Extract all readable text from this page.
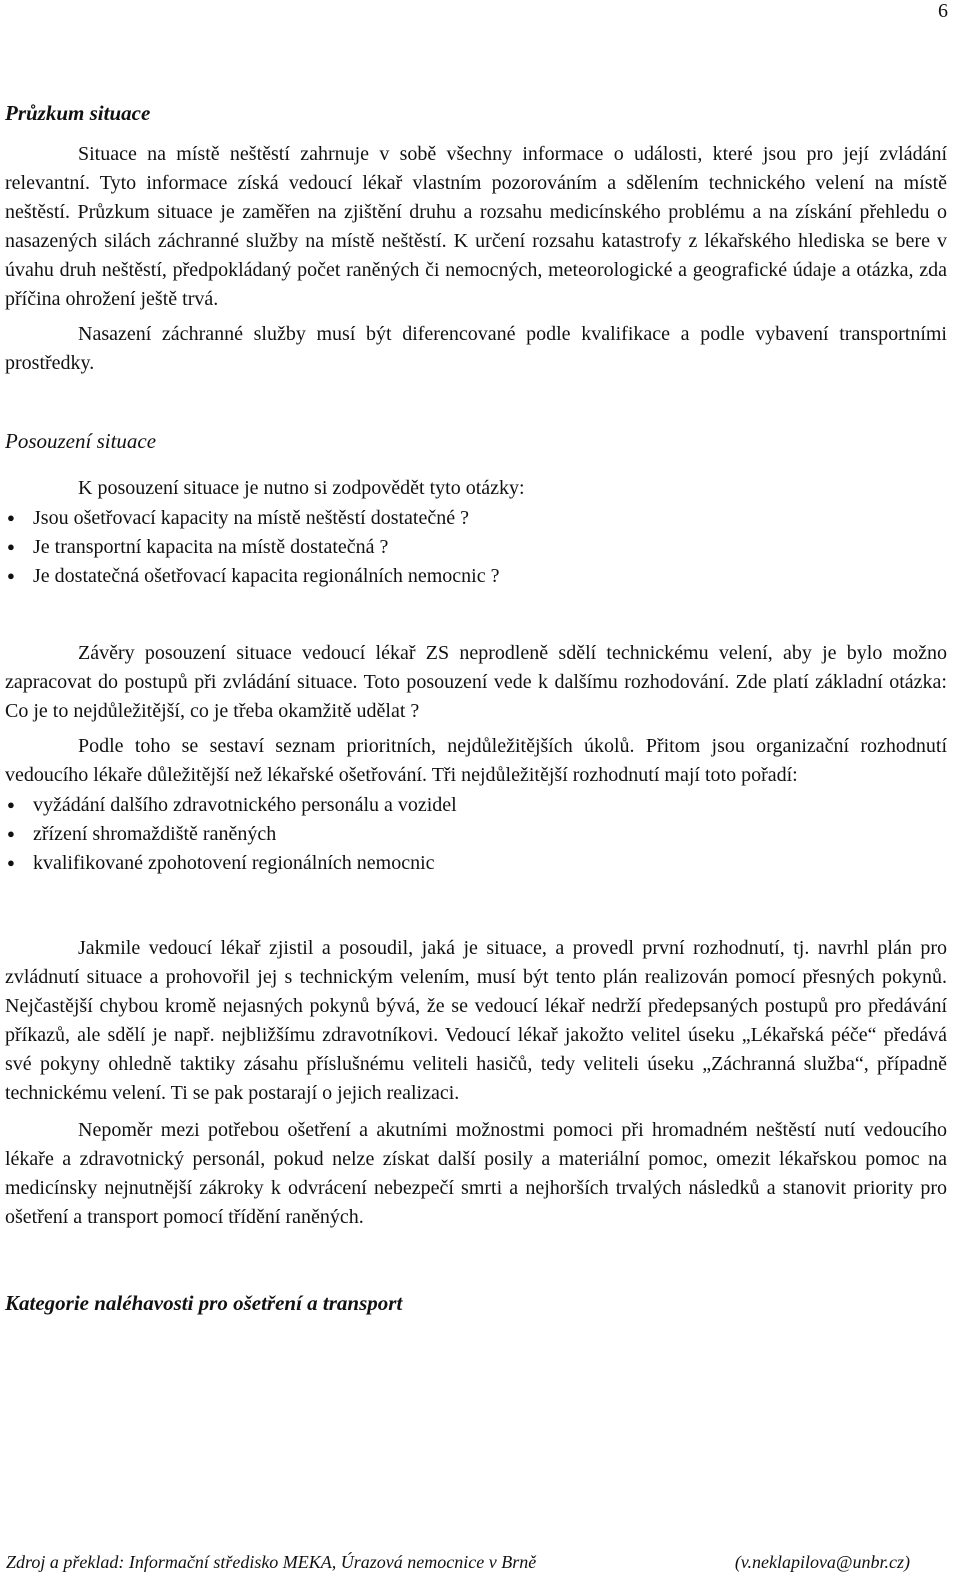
6
Průzkum situace

Situace na místě neštěstí zahrnuje v sobě všechny informace o události, které jsou pro její zvládání relevantní. Tyto informace získá vedoucí lékař vlastním pozorováním a sdělením technického velení na místě neštěstí. Průzkum situace je zaměřen na zjištění druhu a rozsahu medicínského problému a na získání přehledu o nasazených silách záchranné služby na místě neštěstí. K určení rozsahu katastrofy z lékařského hlediska se bere v úvahu druh neštěstí, předpokládaný počet raněných či nemocných, meteorologické a geografické údaje a otázka, zda příčina ohrožení ještě trvá.

Nasazení záchranné služby musí být diferencované podle kvalifikace a podle vybavení transportními prostředky.

Posouzení situace

K posouzení situace je nutno si zodpovědět tyto otázky:

● Jsou ošetřovací kapacity na místě neštěstí dostatečné ?
● Je transportní kapacita na místě dostatečná ?
● Je dostatečná ošetřovací kapacita regionálních nemocnic ?

Závěry posouzení situace vedoucí lékař ZS neprodleně sdělí technickému velení, aby je bylo možno zapracovat do postupů při zvládání situace. Toto posouzení vede k dalšímu rozhodování. Zde platí základní otázka: Co je to nejdůležitější, co je třeba okamžitě udělat ?

Podle toho se sestaví seznam prioritních, nejdůležitějších úkolů. Přitom jsou organizační rozhodnutí vedoucího lékaře důležitější než lékařské ošetřování. Tři nejdůležitější rozhodnutí mají toto pořadí:

● vyžádání dalšího zdravotnického personálu a vozidel
● zřízení shromaždiště raněných
● kvalifikované zpohotovení regionálních nemocnic

Jakmile vedoucí lékař zjistil a posoudil, jaká je situace, a provedl první rozhodnutí, tj. navrhl plán pro zvládnutí situace a prohovořil jej s technickým velením, musí být tento plán realizován pomocí přesných pokynů. Nejčastější chybou kromě nejasných pokynů bývá, že se vedoucí lékař nedrží předepsaných postupů pro předávání příkazů, ale sdělí je např. nejbližšímu zdravotníkovi. Vedoucí lékař jakožto velitel úseku „Lékařská péče“ předává své pokyny ohledně taktiky zásahu příslušnému veliteli hasičů, tedy veliteli úseku „Záchranná služba“, případně technickému velení. Ti se pak postarají o jejich realizaci.

Nepoměr mezi potřebou ošetření a akutními možnostmi pomoci při hromadném neštěstí nutí vedoucího lékaře a zdravotnický personál, pokud nelze získat další posily a materiální pomoc, omezit lékařskou pomoc na medicínsky nejnutnější zákroky k odvrácení nebezpečí smrti a nejhorších trvalých následků a stanovit priority pro ošetření a transport pomocí třídění raněných.

Kategorie naléhavosti pro ošetření a transport
Zdroj a překlad: Informační středisko MEKA, Úrazová nemocnice v Brně	(v.neklapilova@unbr.cz)
